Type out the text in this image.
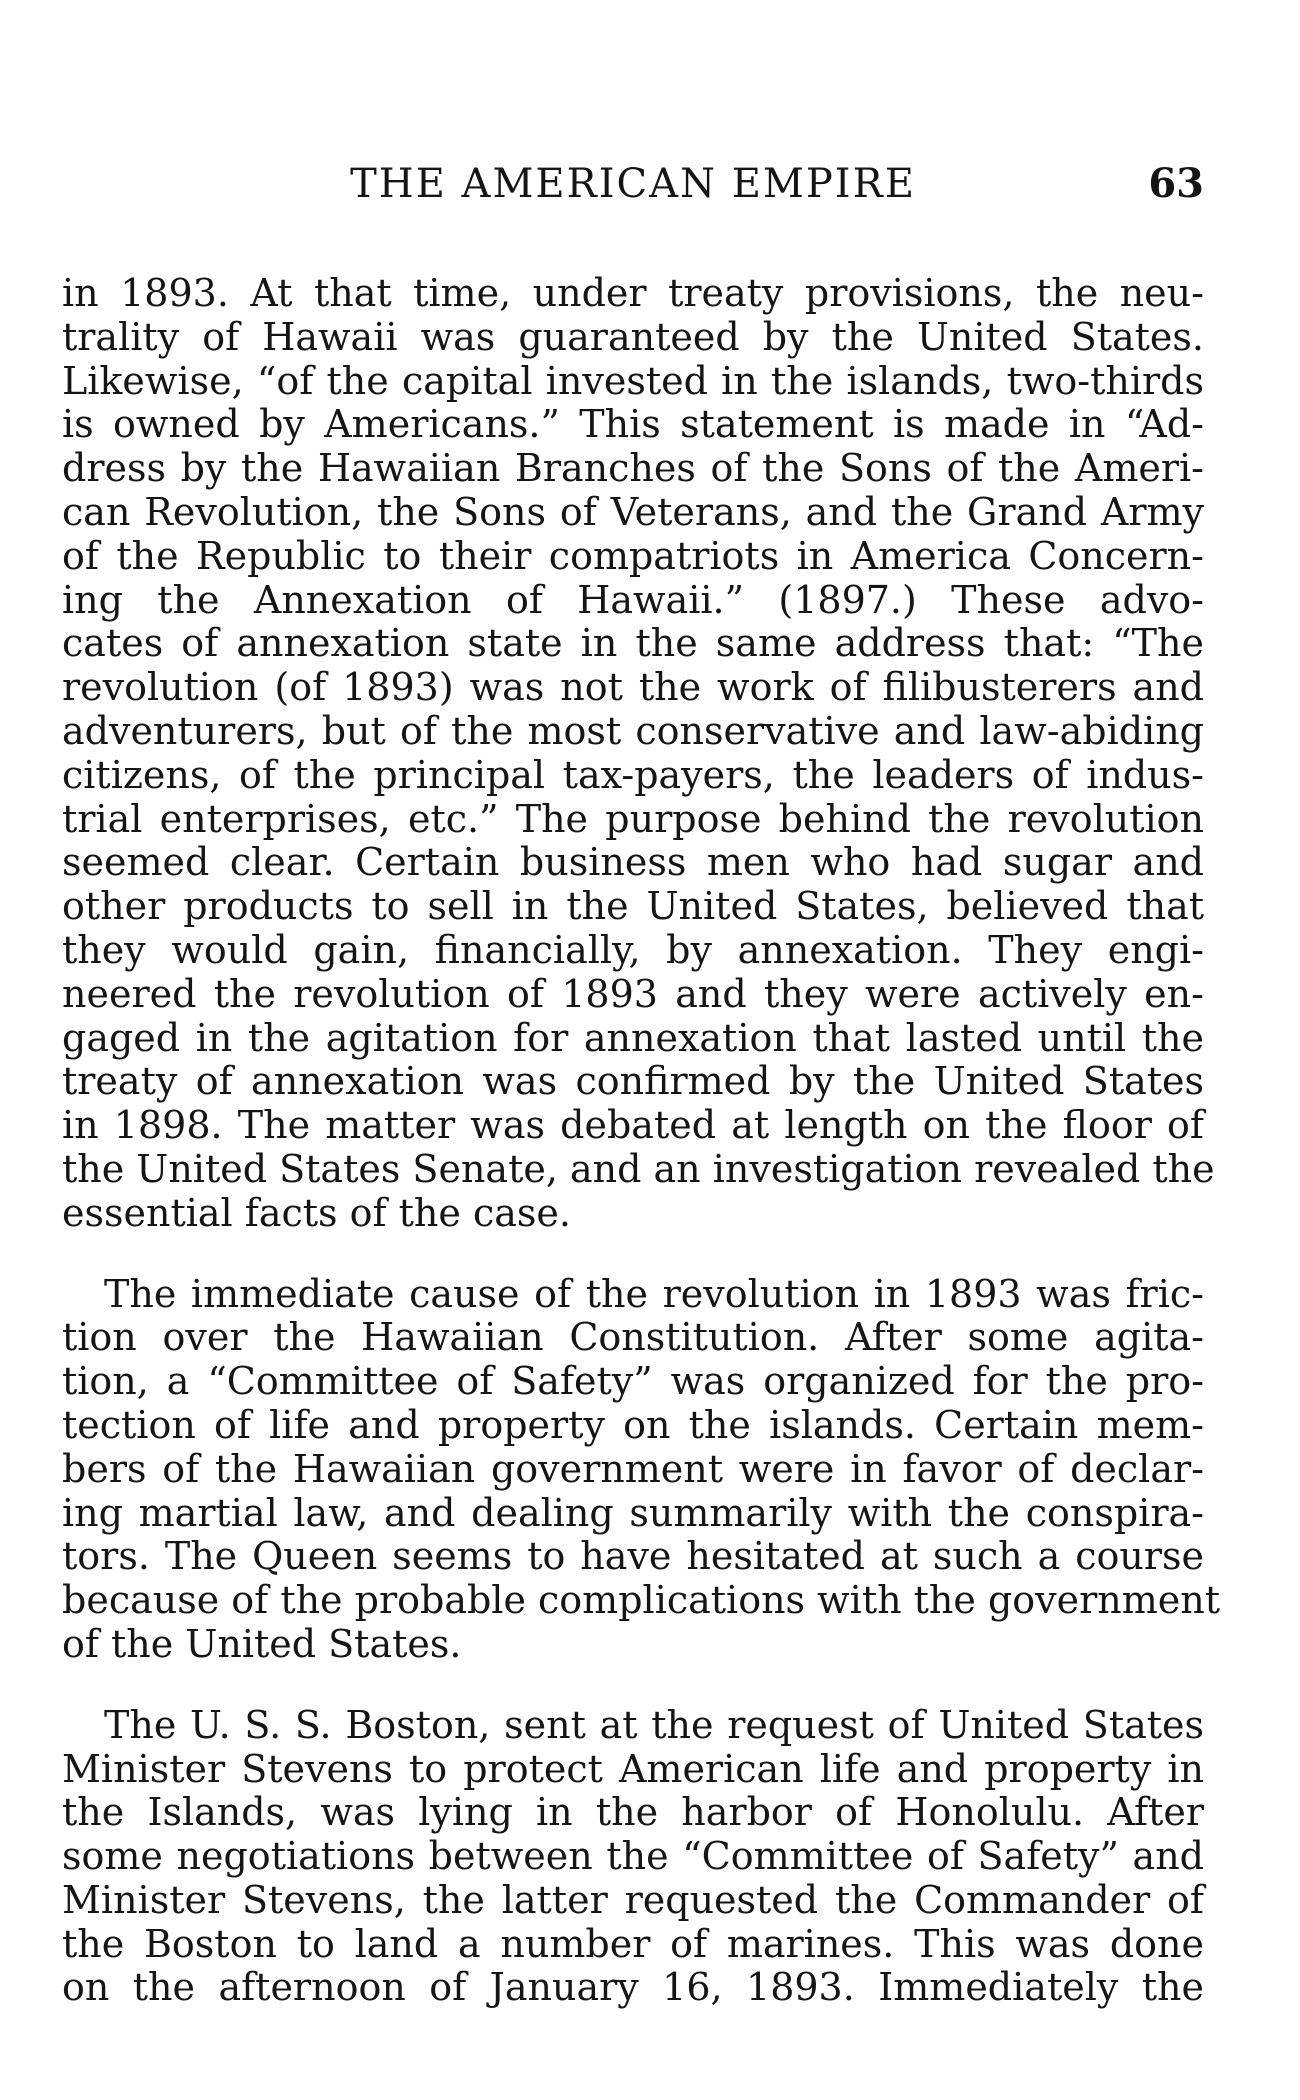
THE AMERICAN EMPIRE	63
in 1893. At that time, under treaty provisions, the neu-
trality of Hawaii was guaranteed by the United States.
Likewise, “of the capital invested in the islands, two-thirds
is owned by Americans.” This statement is made in “Ad-
dress by the Hawaiian Branches of the Sons of the Ameri-
can Revolution, the Sons of Veterans, and the Grand Army
of the Republic to their compatriots in America Concern-
ing the Annexation of Hawaii.” (1897.) These advo-
cates of annexation state in the same address that: “The
revolution (of 1893) was not the work of filibusterers and
adventurers, but of the most conservative and law-abiding
citizens, of the principal tax-payers, the leaders of indus-
trial enterprises, etc.” The purpose behind the revolution
seemed clear. Certain business men who had sugar and
other products to sell in the United States, believed that
they would gain, financially, by annexation. They engi-
neered the revolution of 1893 and they were actively en-
gaged in the agitation for annexation that lasted until the
treaty of annexation was confirmed by the United States
in 1898. The matter was debated at length on the floor of
the United States Senate, and an investigation revealed the
essential facts of the case.
The immediate cause of the revolution in 1893 was fric-
tion over the Hawaiian Constitution. After some agita-
tion, a “Committee of Safety” was organized for the pro-
tection of life and property on the islands. Certain mem-
bers of the Hawaiian government were in favor of declar-
ing martial law, and dealing summarily with the conspira-
tors. The Queen seems to have hesitated at such a course
because of the probable complications with the government
of the United States.
The U. S. S. Boston, sent at the request of United States
Minister Stevens to protect American life and property in
the Islands, was lying in the harbor of Honolulu. After
some negotiations between the “Committee of Safety” and
Minister Stevens, the latter requested the Commander of
the Boston to land a number of marines. This was done
on the afternoon of January 16, 1893. Immediately the
